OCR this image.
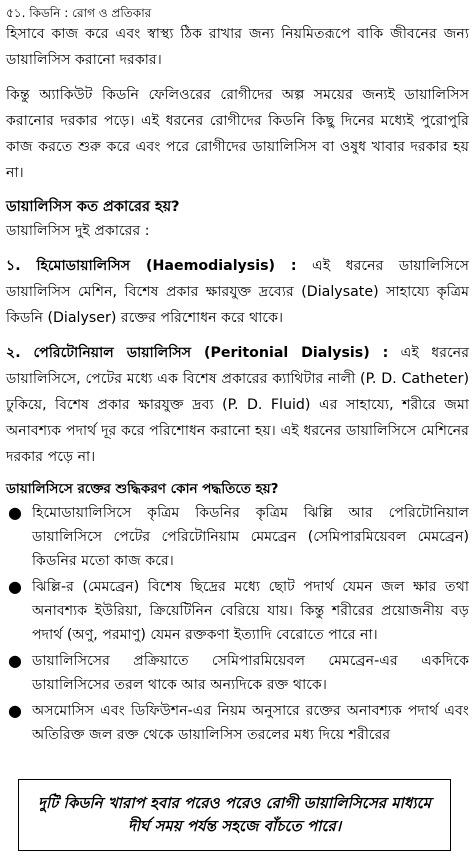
৫১. কিডনি : রোগ ও প্রতিকার

হিসাবে কাজ করে এবং স্বাস্থ্য ঠিক রাখার জন্য নিয়মিতরূপে বাকি জীবনের জন্য ডায়ালিসিস করানো দরকার।

কিন্তু অ্যাকিউট কিডনি ফেলিওরের রোগীদের অল্প সময়ের জন্যই ডায়ালিসিস করানোর দরকার পড়ে। এই ধরনের রোগীদের কিডনি কিছু দিনের মধ্যেই পুরোপুরি কাজ করতে শুরু করে এবং পরে রোগীদের ডায়ালিসিস বা ওষুধ খাবার দরকার হয় না।

ডায়ালিসিস কত প্রকারের হয়?
ডায়ালিসিস দুই প্রকারের :

১. হিমোডায়ালিসিস (Haemodialysis) : এই ধরনের ডায়ালিসিসে ডায়ালিসিস মেশিন, বিশেষ প্রকার ক্ষারযুক্ত দ্রব্যের (Dialysate) সাহায্যে কৃত্রিম কিডনি (Dialyser) রক্তের পরিশোধন করে থাকে।

২. পেরিটোনিয়াল ডায়ালিসিস (Peritonial Dialysis) : এই ধরনের ডায়ালিসিসে, পেটের মধ্যে এক বিশেষ প্রকারের ক্যাথিটার নালী (P. D. Catheter) ঢুকিয়ে, বিশেষ প্রকার ক্ষারযুক্ত দ্রব্য (P. D. Fluid) এর সাহায্যে, শরীরে জমা অনাবশ্যক পদার্থ দূর করে পরিশোধন করানো হয়। এই ধরনের ডায়ালিসিসে মেশিনের দরকার পড়ে না।

ডায়ালিসিসে রক্তের শুদ্ধিকরণ কোন পদ্ধতিতে হয়?
● হিমোডায়ালিসিসে কৃত্রিম কিডনির কৃত্রিম ঝিল্লি আর পেরিটোনিয়াল ডায়ালিসিসে পেটের পেরিটোনিয়াম মেমব্রেন (সেমিপারমিয়েবল মেমব্রেন) কিডনির মতো কাজ করে।
● ঝিল্লি-র (মেমব্রেন) বিশেষ ছিদ্রের মধ্যে ছোট পদার্থ যেমন জল ক্ষার তথা অনাবশ্যক ইউরিয়া, ক্রিয়েটিনিন বেরিয়ে যায়। কিন্তু শরীরের প্রয়োজনীয় বড় পদার্থ (অণু, পরমাণু) যেমন রক্তকণা ইত্যাদি বেরোতে পারে না।
● ডায়ালিসিসের প্রক্রিয়াতে সেমিপারমিয়েবল মেমব্রেন-এর একদিকে ডায়ালিসিসের তরল থাকে আর অন্যদিকে রক্ত থাকে।
● অসমোসিস এবং ডিফিউশন-এর নিয়ম অনুসারে রক্তের অনাবশ্যক পদার্থ এবং অতিরিক্ত জল রক্ত থেকে ডায়ালিসিস তরলের মধ্য দিয়ে শরীরের
দুটি কিডনি খারাপ হবার পরেও পরেও রোগী ডায়ালিসিসের মাধ্যমে দীর্ঘ সময় পর্যন্ত সহজে বাঁচতে পারে।
